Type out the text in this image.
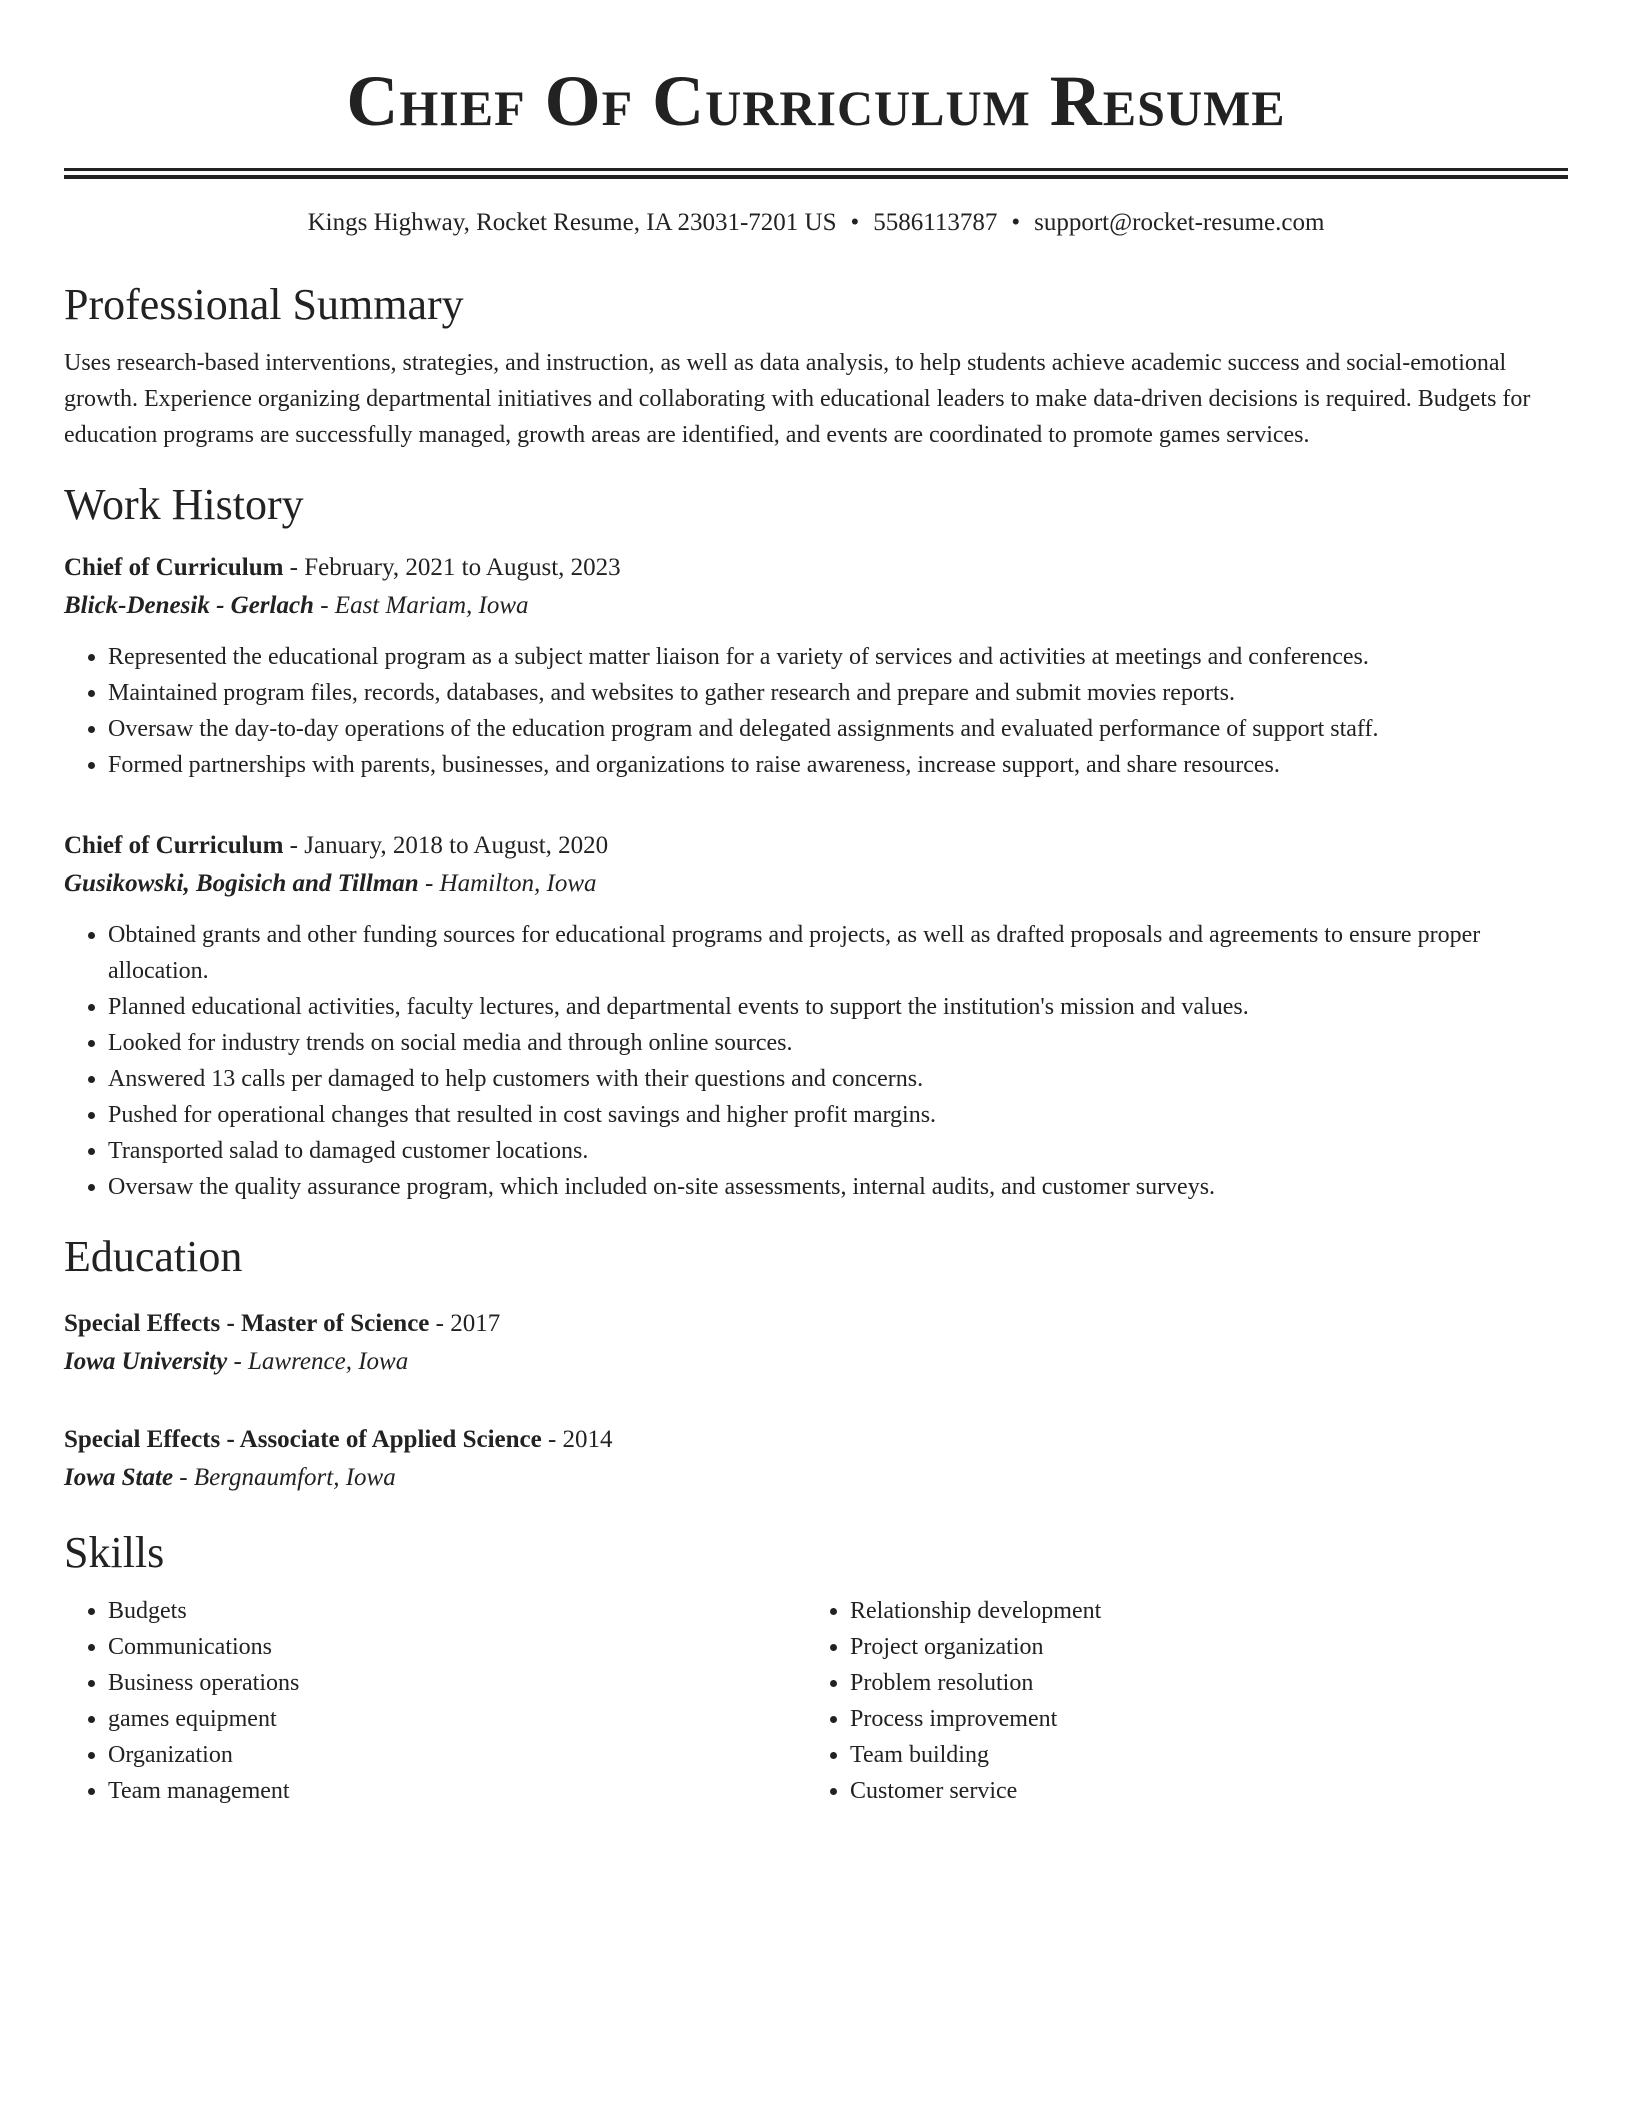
Chief Of Curriculum Resume
Kings Highway, Rocket Resume, IA 23031-7201 US • 5586113787 • support@rocket-resume.com
Professional Summary
Uses research-based interventions, strategies, and instruction, as well as data analysis, to help students achieve academic success and social-emotional growth. Experience organizing departmental initiatives and collaborating with educational leaders to make data-driven decisions is required. Budgets for education programs are successfully managed, growth areas are identified, and events are coordinated to promote games services.
Work History
Chief of Curriculum - February, 2021 to August, 2023
Blick-Denesik - Gerlach - East Mariam, Iowa
• Represented the educational program as a subject matter liaison for a variety of services and activities at meetings and conferences.
• Maintained program files, records, databases, and websites to gather research and prepare and submit movies reports.
• Oversaw the day-to-day operations of the education program and delegated assignments and evaluated performance of support staff.
• Formed partnerships with parents, businesses, and organizations to raise awareness, increase support, and share resources.
Chief of Curriculum - January, 2018 to August, 2020
Gusikowski, Bogisich and Tillman - Hamilton, Iowa
• Obtained grants and other funding sources for educational programs and projects, as well as drafted proposals and agreements to ensure proper allocation.
• Planned educational activities, faculty lectures, and departmental events to support the institution's mission and values.
• Looked for industry trends on social media and through online sources.
• Answered 13 calls per damaged to help customers with their questions and concerns.
• Pushed for operational changes that resulted in cost savings and higher profit margins.
• Transported salad to damaged customer locations.
• Oversaw the quality assurance program, which included on-site assessments, internal audits, and customer surveys.
Education
Special Effects - Master of Science - 2017
Iowa University - Lawrence, Iowa
Special Effects - Associate of Applied Science - 2014
Iowa State - Bergnaumfort, Iowa
Skills
• Budgets
• Communications
• Business operations
• games equipment
• Organization
• Team management
• Relationship development
• Project organization
• Problem resolution
• Process improvement
• Team building
• Customer service
